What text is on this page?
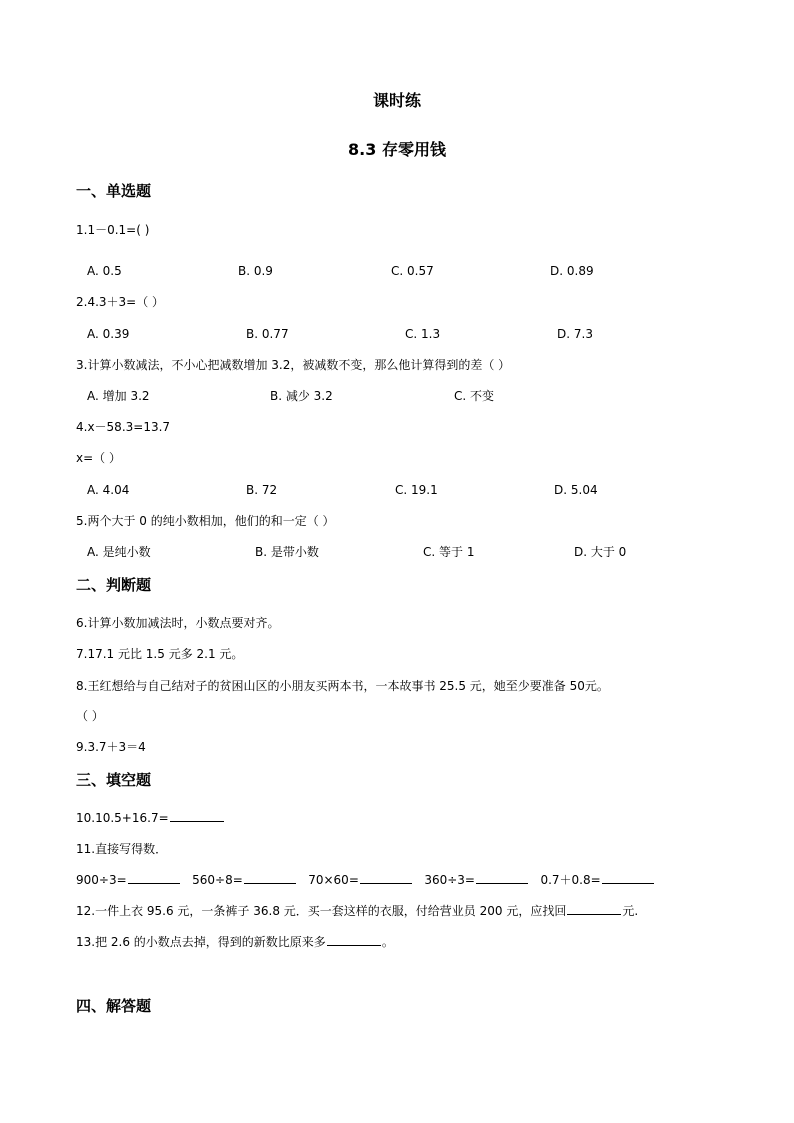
课时练
8.3 存零用钱
一、单选题
1.1－0.1=( )
A. 0.5	B. 0.9	C. 0.57	D. 0.89
2.4.3＋3=（ ）
A. 0.39	B. 0.77	C. 1.3	D. 7.3
3.计算小数减法，不小心把减数增加 3.2，被减数不变，那么他计算得到的差（ ）
A. 增加 3.2	B. 减少 3.2	C. 不变
4.x－58.3=13.7
x=（ ）
A. 4.04	B. 72	C. 19.1	D. 5.04
5.两个大于 0 的纯小数相加，他们的和一定（ ）
A. 是纯小数	B. 是带小数	C. 等于 1	D. 大于 0
二、判断题
6.计算小数加减法时，小数点要对齐。
7.17.1 元比 1.5 元多 2.1 元。
8.王红想给与自己结对子的贫困山区的小朋友买两本书，一本故事书 25.5 元，她至少要准备 50元。
（ ）
9.3.7＋3＝4
三、填空题
10.10.5+16.7=
11.直接写得数．
900÷3=	560÷8=	70×60=	360÷3=	0.7＋0.8=
12.一件上衣 95.6 元，一条裤子 36.8 元．买一套这样的衣服，付给营业员 200 元，应找回	元.
13.把 2.6 的小数点去掉，得到的新数比原来多	。
四、解答题
